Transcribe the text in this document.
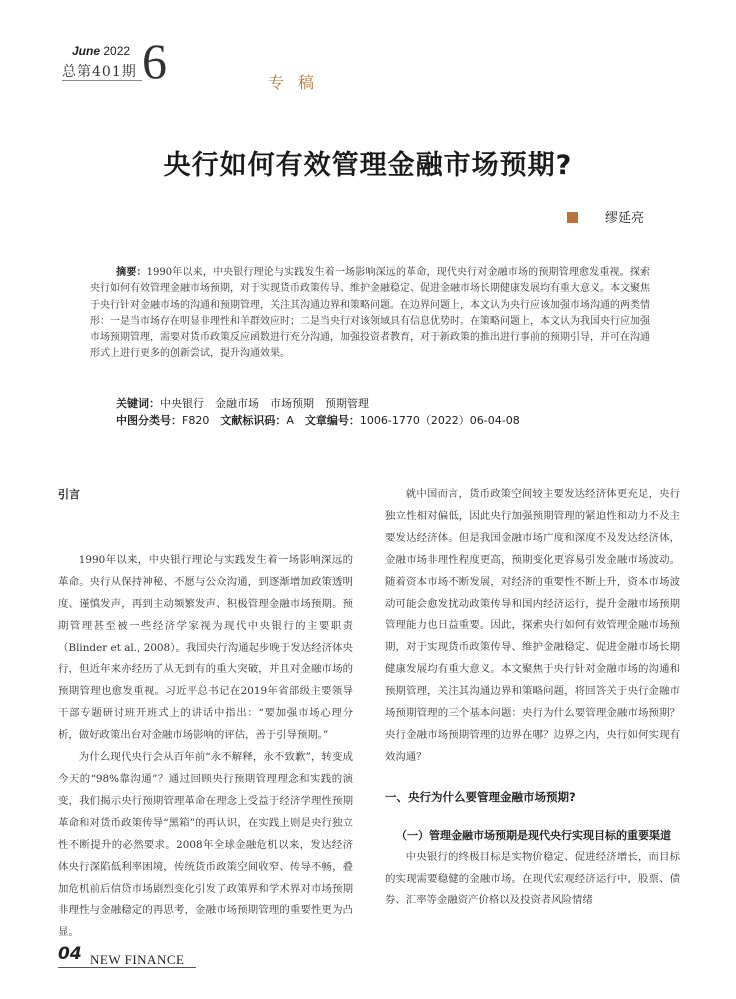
June 2022
总第401期 6	专稿
央行如何有效管理金融市场预期?
缪延亮
摘要：1990年以来，中央银行理论与实践发生着一场影响深远的革命，现代央行对金融市场的预期管理愈发重视。探索央行如何有效管理金融市场预期，对于实现货币政策传导、维护金融稳定、促进金融市场长期健康发展均有重大意义。本文聚焦于央行针对金融市场的沟通和预期管理，关注其沟通边界和策略问题。在边界问题上，本文认为央行应该加强市场沟通的两类情形：一是当市场存在明显非理性和羊群效应时；二是当央行对该领域具有信息优势时。在策略问题上，本文认为我国央行应加强市场预期管理，需要对货币政策反应函数进行充分沟通，加强投资者教育，对于新政策的推出进行事前的预期引导，并可在沟通形式上进行更多的创新尝试，提升沟通效果。
关键词：中央银行　金融市场　市场预期　预期管理
中图分类号：F820　 文献标识码：A　 文章编号：1006-1770（2022）06-04-08
引言

1990年以来，中央银行理论与实践发生着一场影响深远的革命。央行从保持神秘、不愿与公众沟通，到逐渐增加政策透明度、谨慎发声，再到主动频繁发声、积极管理金融市场预期。预期管理甚至被一些经济学家视为现代中央银行的主要职责（Blinder et al., 2008）。我国央行沟通起步晚于发达经济体央行，但近年来亦经历了从无到有的重大突破，并且对金融市场的预期管理也愈发重视。习近平总书记在2019年省部级主要领导干部专题研讨班开班式上的讲话中指出：“要加强市场心理分析，做好政策出台对金融市场影响的评估，善于引导预期。”

为什么现代央行会从百年前“永不解释，永不致歉”，转变成今天的“98%靠沟通”？通过回顾央行预期管理理念和实践的演变，我们揭示央行预期管理革命在理念上受益于经济学理性预期革命和对货币政策传导“黑箱”的再认识，在实践上则是央行独立性不断提升的必然要求。2008年全球金融危机以来，发达经济体央行深陷低利率困境，传统货币政策空间收窄、传导不畅，叠加危机前后信贷市场剧烈变化引发了政策界和学术界对市场预期非理性与金融稳定的再思考，金融市场预期管理的重要性更为凸显。

就中国而言，货币政策空间较主要发达经济体更充足，央行独立性相对偏低，因此央行加强预期管理的紧迫性和动力不及主要发达经济体。但是我国金融市场广度和深度不及发达经济体，金融市场非理性程度更高，预期变化更容易引发金融市场波动。随着资本市场不断发展，对经济的重要性不断上升，资本市场波动可能会愈发扰动政策传导和国内经济运行，提升金融市场预期管理能力也日益重要。因此，探索央行如何有效管理金融市场预期，对于实现货币政策传导、维护金融稳定、促进金融市场长期健康发展均有重大意义。本文聚焦于央行针对金融市场的沟通和预期管理，关注其沟通边界和策略问题，将回答关于央行金融市场预期管理的三个基本问题：央行为什么要管理金融市场预期？央行金融市场预期管理的边界在哪？边界之内，央行如何实现有效沟通？

一、央行为什么要管理金融市场预期?
（一）管理金融市场预期是现代央行实现目标的重要渠道

中央银行的终极目标是实物价稳定、促进经济增长，而目标的实现需要稳健的金融市场。在现代宏观经济运行中，股票、债券、汇率等金融资产价格以及投资者风险情绪

04 NEW FINANCE
